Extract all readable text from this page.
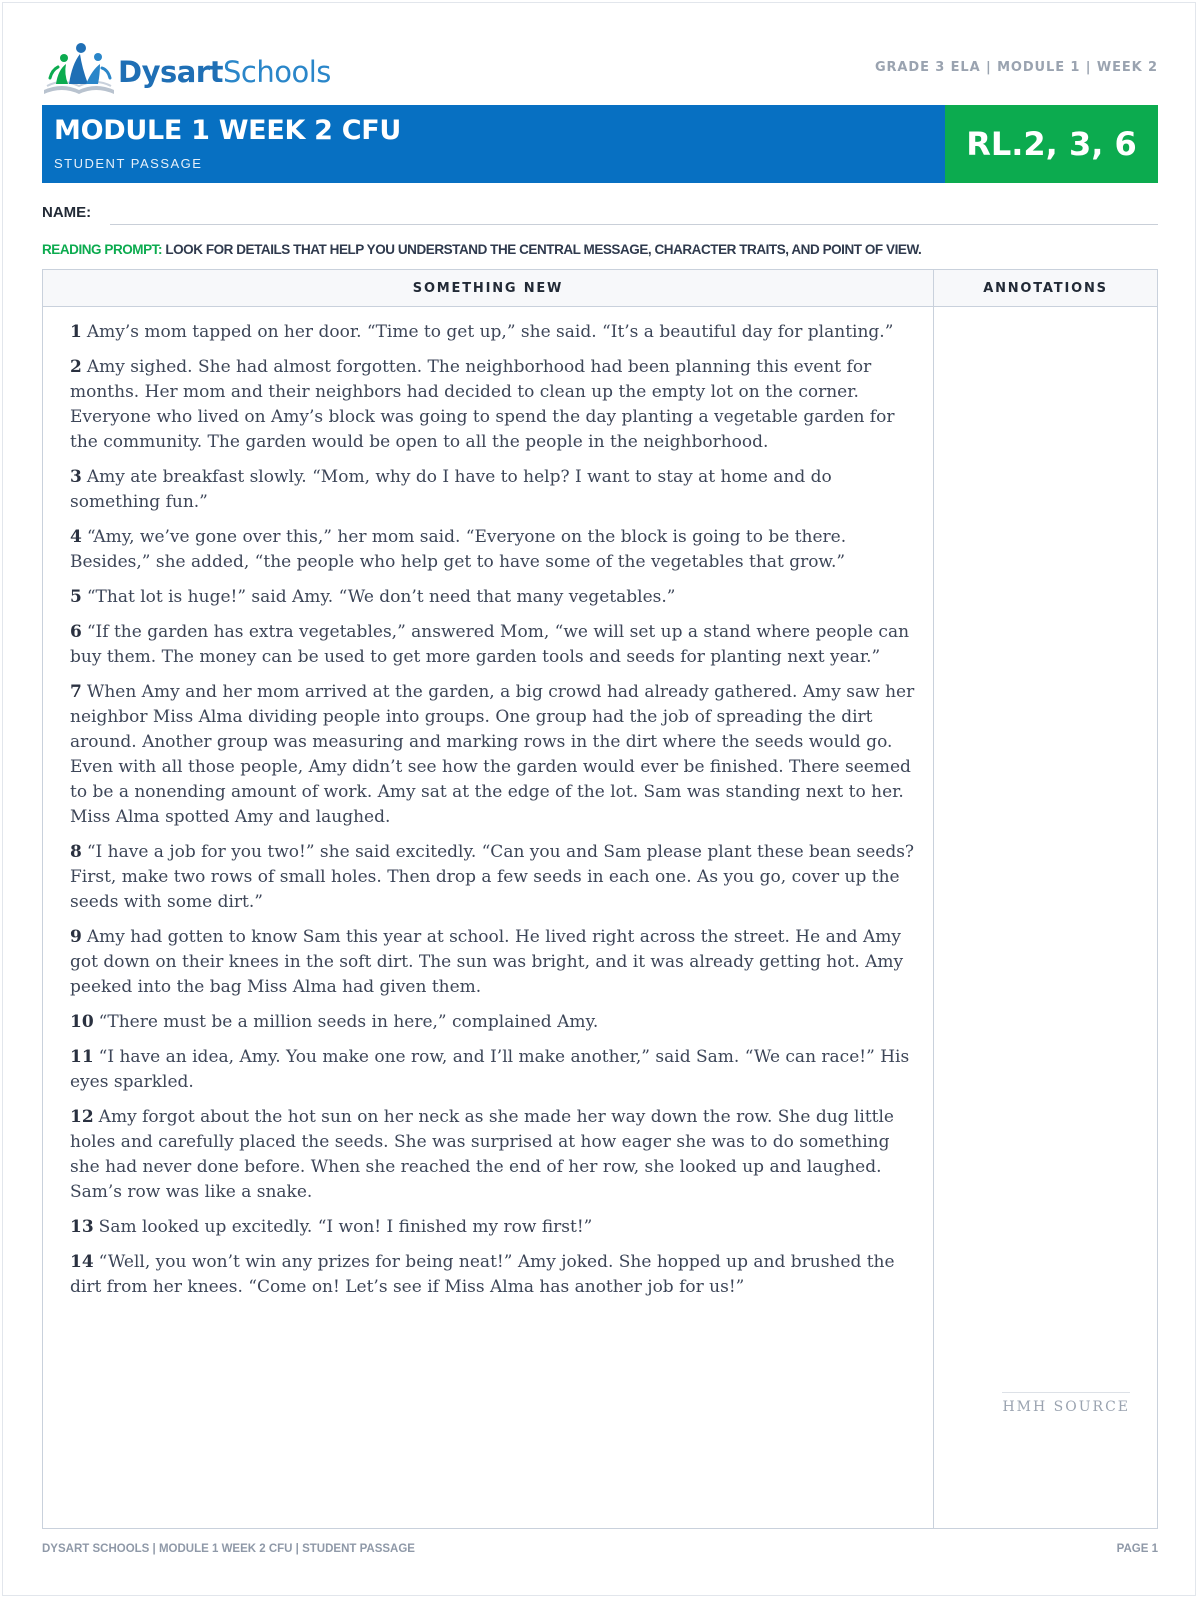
DysartSchools	GRADE 3 ELA | MODULE 1 | WEEK 2
MODULE 1 WEEK 2 CFU
STUDENT PASSAGE
RL.2, 3, 6
NAME:
READING PROMPT: LOOK FOR DETAILS THAT HELP YOU UNDERSTAND THE CENTRAL MESSAGE, CHARACTER TRAITS, AND POINT OF VIEW.
SOMETHING NEW	ANNOTATIONS

1 Amy’s mom tapped on her door. “Time to get up,” she said. “It’s a beautiful day for planting.”

2 Amy sighed. She had almost forgotten. The neighborhood had been planning this event for months. Her mom and their neighbors had decided to clean up the empty lot on the corner. Everyone who lived on Amy’s block was going to spend the day planting a vegetable garden for the community. The garden would be open to all the people in the neighborhood.

3 Amy ate breakfast slowly. “Mom, why do I have to help? I want to stay at home and do something fun.”

4 “Amy, we’ve gone over this,” her mom said. “Everyone on the block is going to be there. Besides,” she added, “the people who help get to have some of the vegetables that grow.”

5 “That lot is huge!” said Amy. “We don’t need that many vegetables.”

6 “If the garden has extra vegetables,” answered Mom, “we will set up a stand where people can buy them. The money can be used to get more garden tools and seeds for planting next year.”

7 When Amy and her mom arrived at the garden, a big crowd had already gathered. Amy saw her neighbor Miss Alma dividing people into groups. One group had the job of spreading the dirt around. Another group was measuring and marking rows in the dirt where the seeds would go. Even with all those people, Amy didn’t see how the garden would ever be finished. There seemed to be a nonending amount of work. Amy sat at the edge of the lot. Sam was standing next to her. Miss Alma spotted Amy and laughed.

8 “I have a job for you two!” she said excitedly. “Can you and Sam please plant these bean seeds? First, make two rows of small holes. Then drop a few seeds in each one. As you go, cover up the seeds with some dirt.”

9 Amy had gotten to know Sam this year at school. He lived right across the street. He and Amy got down on their knees in the soft dirt. The sun was bright, and it was already getting hot. Amy peeked into the bag Miss Alma had given them.

10 “There must be a million seeds in here,” complained Amy.

11 “I have an idea, Amy. You make one row, and I’ll make another,” said Sam. “We can race!” His eyes sparkled.

12 Amy forgot about the hot sun on her neck as she made her way down the row. She dug little holes and carefully placed the seeds. She was surprised at how eager she was to do something she had never done before. When she reached the end of her row, she looked up and laughed. Sam’s row was like a snake.

13 Sam looked up excitedly. “I won! I finished my row first!”

14 “Well, you won’t win any prizes for being neat!” Amy joked. She hopped up and brushed the dirt from her knees. “Come on! Let’s see if Miss Alma has another job for us!”

HMH SOURCE
DYSART SCHOOLS | MODULE 1 WEEK 2 CFU | STUDENT PASSAGE	PAGE 1
